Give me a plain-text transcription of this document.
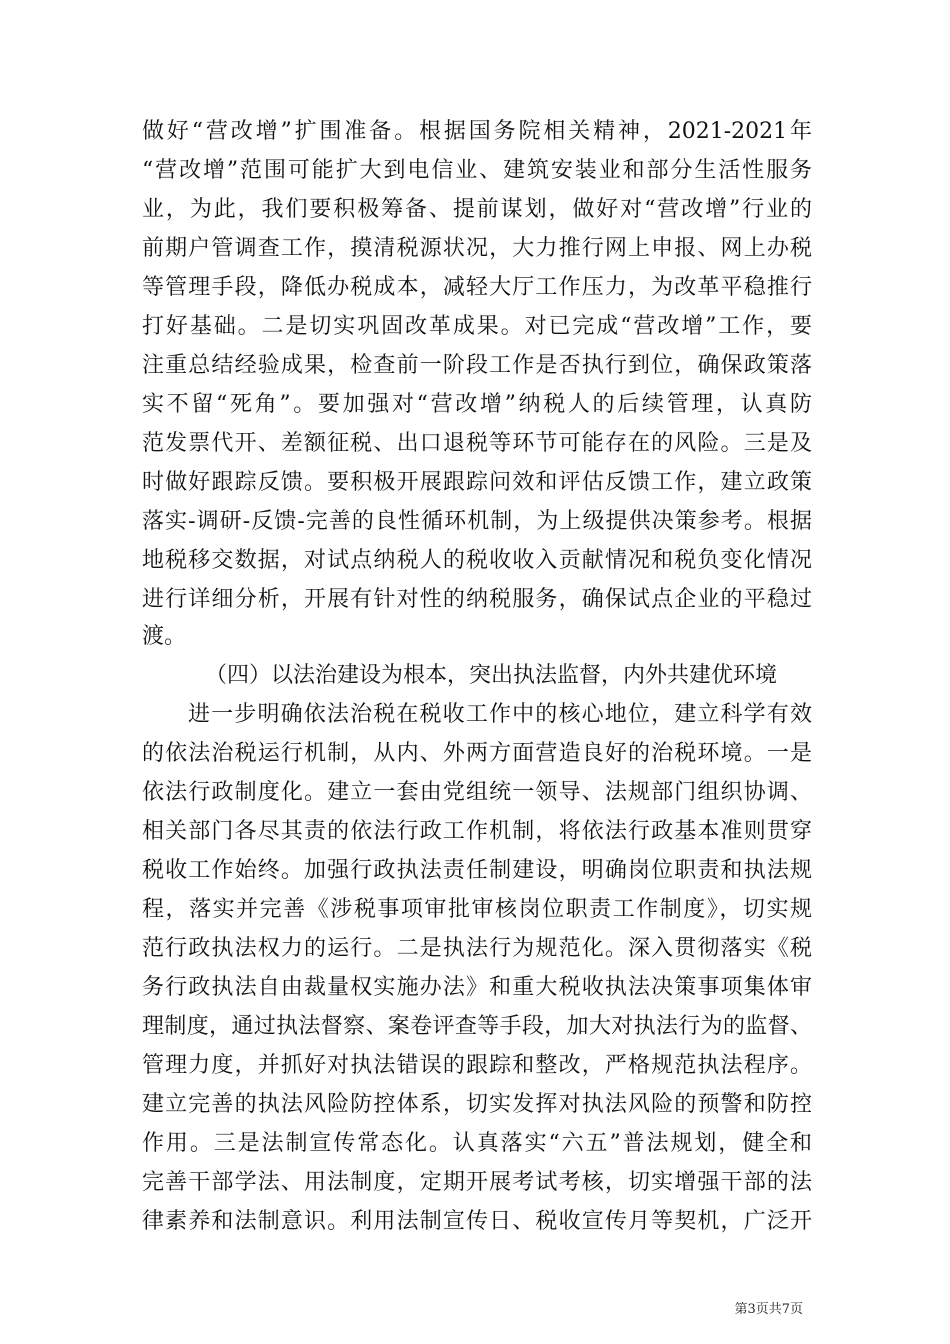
做好“营改增”扩围准备。根据国务院相关精神，2021-2021年
“营改增”范围可能扩大到电信业、建筑安装业和部分生活性服务
业，为此，我们要积极筹备、提前谋划，做好对“营改增”行业的
前期户管调查工作，摸清税源状况，大力推行网上申报、网上办税
等管理手段，降低办税成本，减轻大厅工作压力，为改革平稳推行
打好基础。二是切实巩固改革成果。对已完成“营改增”工作，要
注重总结经验成果，检查前一阶段工作是否执行到位，确保政策落
实不留“死角”。要加强对“营改增”纳税人的后续管理，认真防
范发票代开、差额征税、出口退税等环节可能存在的风险。三是及
时做好跟踪反馈。要积极开展跟踪问效和评估反馈工作，建立政策
落实-调研-反馈-完善的良性循环机制，为上级提供决策参考。根据
地税移交数据，对试点纳税人的税收收入贡献情况和税负变化情况
进行详细分析，开展有针对性的纳税服务，确保试点企业的平稳过
渡。
（四）以法治建设为根本，突出执法监督，内外共建优环境
进一步明确依法治税在税收工作中的核心地位，建立科学有效
的依法治税运行机制，从内、外两方面营造良好的治税环境。一是
依法行政制度化。建立一套由党组统一领导、法规部门组织协调、
相关部门各尽其责的依法行政工作机制，将依法行政基本准则贯穿
税收工作始终。加强行政执法责任制建设，明确岗位职责和执法规
程，落实并完善《涉税事项审批审核岗位职责工作制度》，切实规
范行政执法权力的运行。二是执法行为规范化。深入贯彻落实《税
务行政执法自由裁量权实施办法》和重大税收执法决策事项集体审
理制度，通过执法督察、案卷评查等手段，加大对执法行为的监督、
管理力度，并抓好对执法错误的跟踪和整改，严格规范执法程序。
建立完善的执法风险防控体系，切实发挥对执法风险的预警和防控
作用。三是法制宣传常态化。认真落实“六五”普法规划，健全和
完善干部学法、用法制度，定期开展考试考核，切实增强干部的法
律素养和法制意识。利用法制宣传日、税收宣传月等契机，广泛开
第3页共7页
